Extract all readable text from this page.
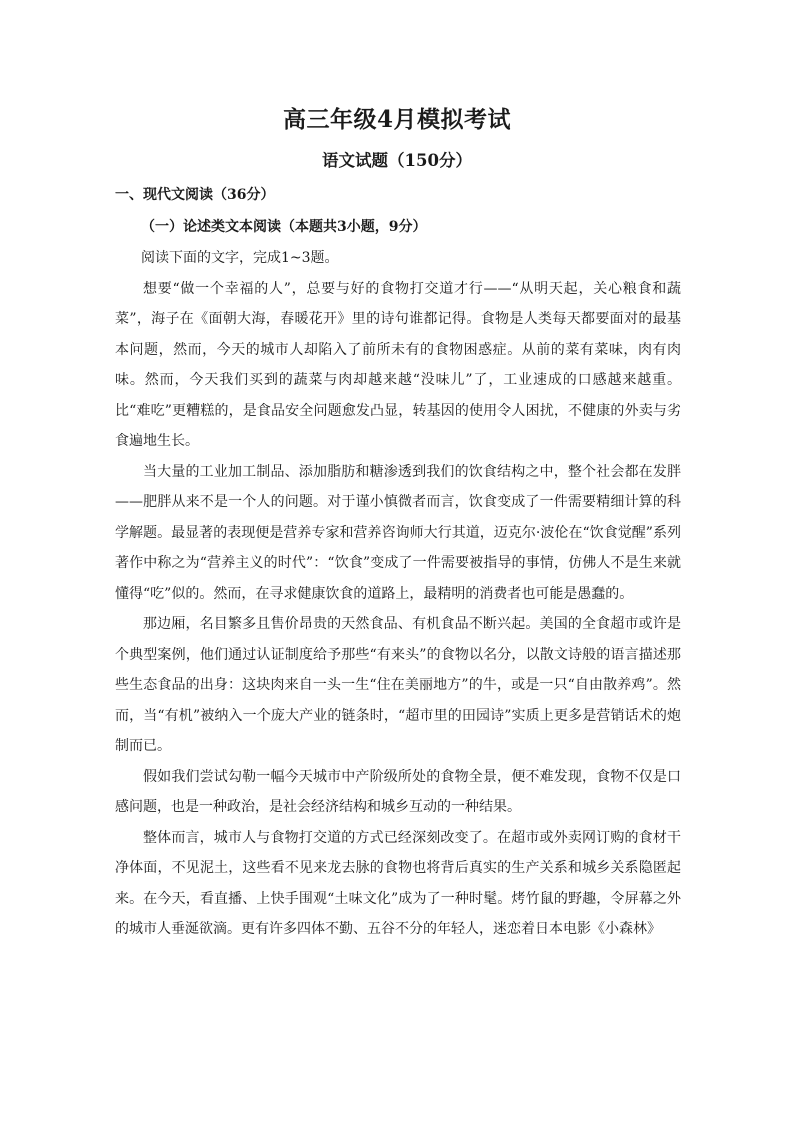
高三年级4月模拟考试
语文试题（150分）
一、现代文阅读（36分）
（一）论述类文本阅读（本题共3小题，9分）

阅读下面的文字，完成1~3题。

想要“做一个幸福的人”，总要与好的食物打交道才行——“从明天起，关心粮食和蔬菜”，海子在《面朝大海，春暖花开》里的诗句谁都记得。食物是人类每天都要面对的最基本问题，然而，今天的城市人却陷入了前所未有的食物困惑症。从前的菜有菜味，肉有肉味。然而，今天我们买到的蔬菜与肉却越来越“没味儿”了，工业速成的口感越来越重。比“难吃”更糟糕的，是食品安全问题愈发凸显，转基因的使用令人困扰，不健康的外卖与劣食遍地生长。

当大量的工业加工制品、添加脂肪和糖渗透到我们的饮食结构之中，整个社会都在发胖——肥胖从来不是一个人的问题。对于谨小慎微者而言，饮食变成了一件需要精细计算的科学解题。最显著的表现便是营养专家和营养咨询师大行其道，迈克尔·波伦在“饮食觉醒”系列著作中称之为“营养主义的时代”：“饮食”变成了一件需要被指导的事情，仿佛人不是生来就懂得“吃”似的。然而，在寻求健康饮食的道路上，最精明的消费者也可能是愚蠢的。

那边厢，名目繁多且售价昂贵的天然食品、有机食品不断兴起。美国的全食超市或许是个典型案例，他们通过认证制度给予那些“有来头”的食物以名分，以散文诗般的语言描述那些生态食品的出身：这块肉来自一头一生“住在美丽地方”的牛，或是一只“自由散养鸡”。然而，当“有机”被纳入一个庞大产业的链条时，“超市里的田园诗”实质上更多是营销话术的炮制而已。

假如我们尝试勾勒一幅今天城市中产阶级所处的食物全景，便不难发现，食物不仅是口感问题，也是一种政治，是社会经济结构和城乡互动的一种结果。

整体而言，城市人与食物打交道的方式已经深刻改变了。在超市或外卖网订购的食材干净体面，不见泥土，这些看不见来龙去脉的食物也将背后真实的生产关系和城乡关系隐匿起来。在今天，看直播、上快手围观“土味文化”成为了一种时髦。烤竹鼠的野趣，令屏幕之外的城市人垂涎欲滴。更有许多四体不勤、五谷不分的年轻人，迷恋着日本电影《小森林》
